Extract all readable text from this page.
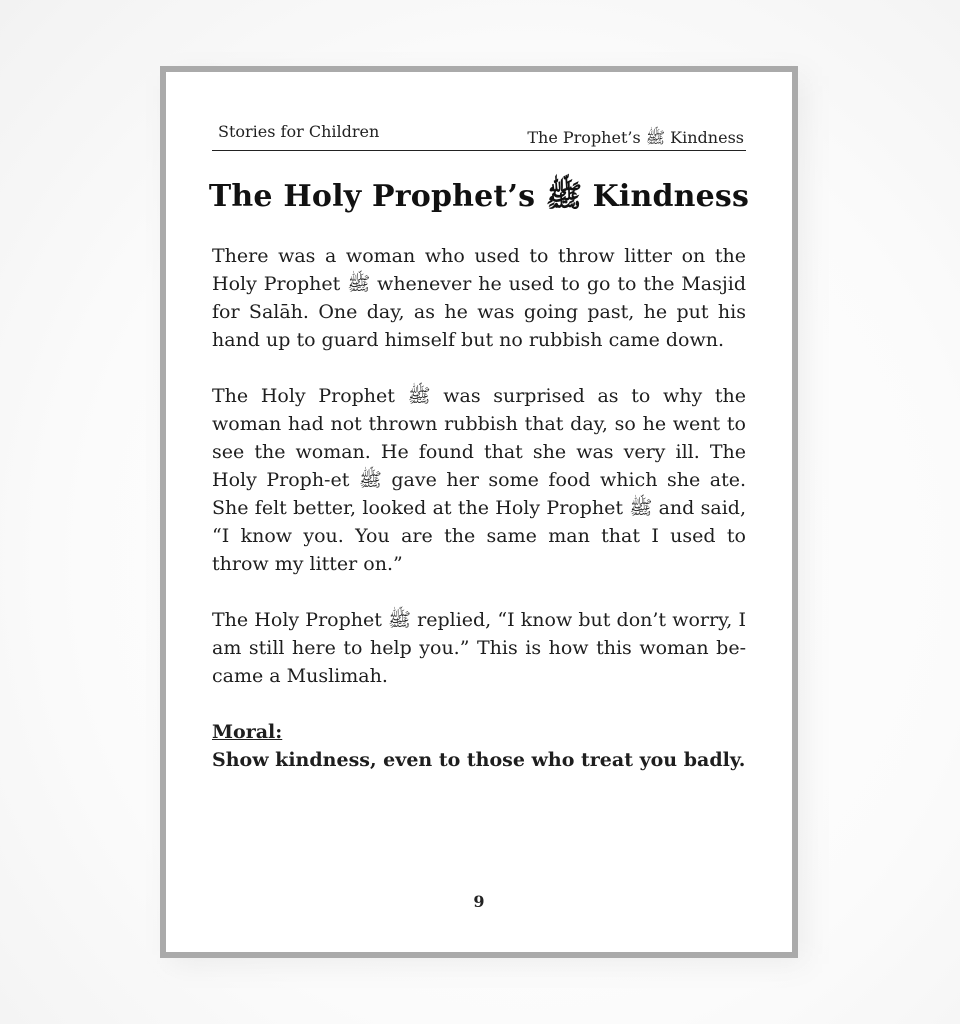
Stories for Children	The Prophet’s ﷺ Kindness
The Holy Prophet’s ﷺ Kindness

There was a woman who used to throw litter on the Holy Prophet ﷺ whenever he used to go to the Masjid for Salāh. One day, as he was going past, he put his hand up to guard himself but no rubbish came down.

The Holy Prophet ﷺ was surprised as to why the woman had not thrown rubbish that day, so he went to see the woman. He found that she was very ill. The Holy Proph-et ﷺ gave her some food which she ate. She felt better, looked at the Holy Prophet ﷺ and said, “I know you. You are the same man that I used to throw my litter on.”

The Holy Prophet ﷺ replied, “I know but don’t worry, I am still here to help you.” This is how this woman be-came a Muslimah.

Moral:
Show kindness, even to those who treat you badly.
9
